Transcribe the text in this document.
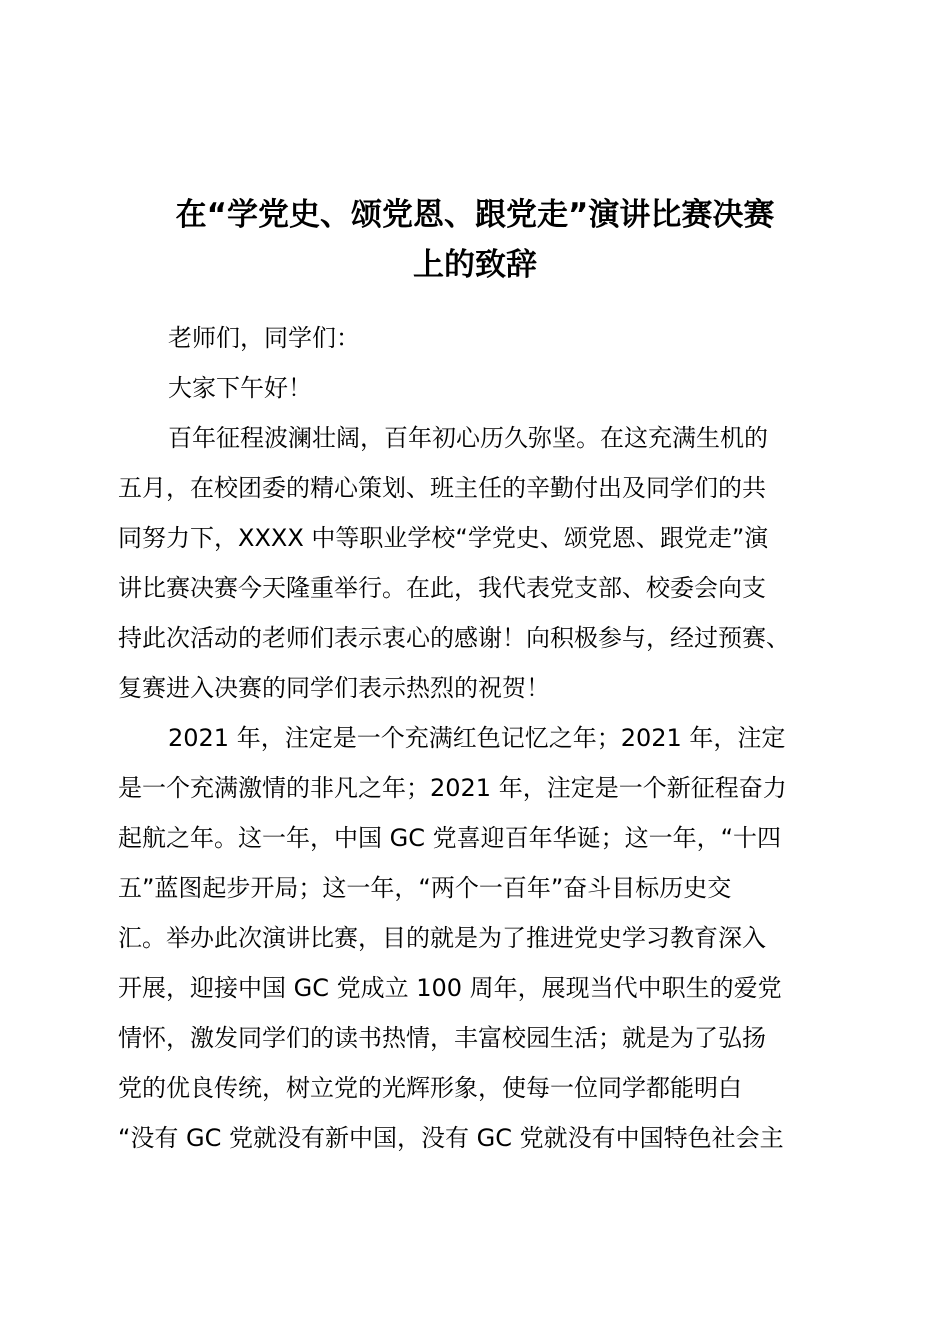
在“学党史、颂党恩、跟党走”演讲比赛决赛
上的致辞
老师们，同学们：
大家下午好！
百年征程波澜壮阔，百年初心历久弥坚。在这充满生机的
五月，在校团委的精心策划、班主任的辛勤付出及同学们的共
同努力下，XXXX 中等职业学校“学党史、颂党恩、跟党走”演
讲比赛决赛今天隆重举行。在此，我代表党支部、校委会向支
持此次活动的老师们表示衷心的感谢！向积极参与，经过预赛、
复赛进入决赛的同学们表示热烈的祝贺！
2021 年，注定是一个充满红色记忆之年；2021 年，注定
是一个充满激情的非凡之年；2021 年，注定是一个新征程奋力
起航之年。这一年，中国 GC 党喜迎百年华诞；这一年，“十四
五”蓝图起步开局；这一年，“两个一百年”奋斗目标历史交
汇。举办此次演讲比赛，目的就是为了推进党史学习教育深入
开展，迎接中国 GC 党成立 100 周年，展现当代中职生的爱党
情怀，激发同学们的读书热情，丰富校园生活；就是为了弘扬
党的优良传统，树立党的光辉形象，使每一位同学都能明白
“没有 GC 党就没有新中国，没有 GC 党就没有中国特色社会主
